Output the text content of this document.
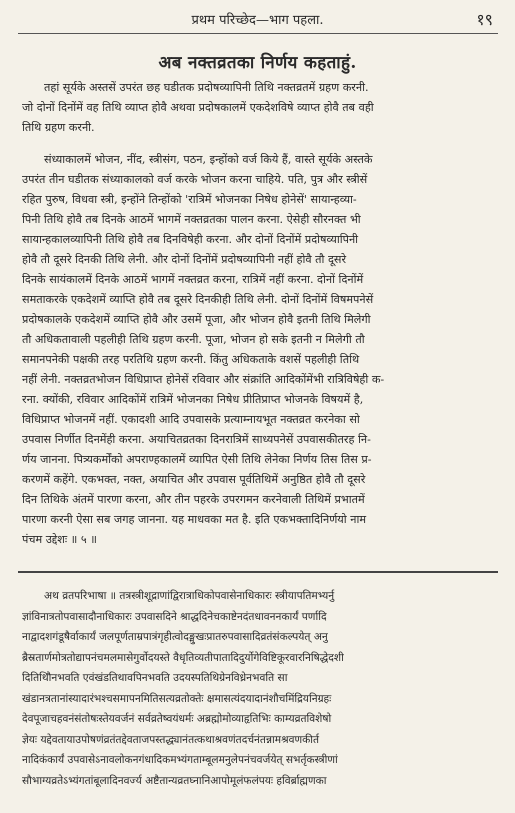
प्रथम परिच्छेद—भाग पहला.	१९
अब नक्तव्रतका निर्णय कहताहुं.
तहां सूर्यके अस्तसें उपरंत छह घडीतक प्रदोषव्यापिनी तिथि नक्तव्रतमें ग्रहण करनी.
जो दोनों दिनोंमें वह तिथि व्याप्त होवै अथवा प्रदोषकालमें एकदेशविषे व्याप्त होवै तब वही
तिथि ग्रहण करनी.
संध्याकालमें भोजन, नींद, स्त्रीसंग, पठन, इन्होंको वर्ज किये हैं, वास्ते सूर्यके अस्तके
उपरंत तीन घडीतक संध्याकालको वर्ज करके भोजन करना चाहिये. पति, पुत्र और स्त्रीसें
रहित पुरुष, विधवा स्त्री, इन्होंने तिन्होंको 'रात्रिमें भोजनका निषेध होनेसें' सायान्हव्या-
पिनी तिथि होवै तब दिनके आठमें भागमें नक्तव्रतका पालन करना. ऐसेही सौरनक्त भी
सायान्हकालव्यापिनी तिथि होवै तब दिनविषेही करना. और दोनों दिनोंमें प्रदोषव्यापिनी
होवै तौ दूसरे दिनकी तिथि लेनी. और दोनों दिनोंमें प्रदोषव्यापिनी नहीं होवै तौ दूसरे
दिनके सायंकालमें दिनके आठमें भागमें नक्तव्रत करना, रात्रिमें नहीं करना. दोनों दिनोंमें
समताकरके एकदेशमें व्याप्ति होवै तब दूसरे दिनकीही तिथि लेनी. दोनों दिनोंमें विषमपनेसें
प्रदोषकालके एकदेशमें व्याप्ति होवै और उसमें पूजा, और भोजन होवै इतनी तिथि मिलेगी
तौ अधिकतावाली पहलीही तिथि ग्रहण करनी. पूजा, भोजन हो सके इतनी न मिलेगी तौ
समानपनेकी पक्षकी तरह परतिथि ग्रहण करनी. किंतु अधिकताके वशसें पहलीही तिथि
नहीं लेनी. नक्तव्रतभोजन विधिप्राप्त होनेसें रविवार और संक्रांति आदिकोंमेंभी रात्रिविषेही क-
रना. क्योंकी, रविवार आदिकोंमें रात्रिमें भोजनका निषेध प्रीतिप्राप्त भोजनके विषयमें है,
विधिप्राप्त भोजनमें नहीं. एकादशी आदि उपवासके प्रत्याम्नायभूत नक्तव्रत करनेका सो
उपवास निर्णीत दिनमेंही करना. अयाचितव्रतका दिनरात्रिमें साध्यपनेसें उपवासकीतरह नि-
र्णय जानना. पित्र्यकर्मोंको अपराण्हकालमें व्यापित ऐसी तिथि लेनेका निर्णय तिस तिस प्र-
करणमें कहेंगे. एकभक्त, नक्त, अयाचित और उपवास पूर्वतिथिमें अनुष्ठित होवै तौ दूसरे
दिन तिथिके अंतमें पारणा करना, और तीन पहरके उपरगमन करनेवाली तिथिमें प्रभातमें
पारणा करनी ऐसा सब जगह जानना. यह माधवका मत है. इति एकभक्तादिनिर्णयो नाम
पंचम उद्देशः ॥ ५ ॥
अथ व्रतपरिभाषा ॥ तत्रस्त्रीशूद्राणांद्विरात्राधिकोपवासेनाधिकारः स्त्रीयापतिमभ्यर्नु
ज्ञांविनात्रतोपवासादौनाधिकारः उपवासदिने श्राद्धदिनेचकाष्टेनदंतधावननकार्यं पर्णादि
नाद्वादशगंडूषैर्वाकार्यं जलपूर्णताम्रपात्रंगृहीत्वोदङ्मुखःप्रातरुपवासादिव्रतंसंकल्पयेत् अनु
ब्रैस्रतार्णमोत्रतोद्यापनंचमलमासेगुर्वोदयस्ते वैधृतिव्यतीपातादिदुर्योगेविष्टिकूरवारनिषिद्धेदशी
दितिथिौनभवति एवंखंडतिथावपिनभवति उदयस्पतिथिग्रेनविध्रेनभवति सा
खंडानत्रतानांस्यादारंभश्चसमापनमितिसत्यव्रतोक्तेः क्षमासत्यंदयादानंशौचमिंद्रियनिग्रहः
देवपूजाचहवनंसंतोषःस्तेयवर्जनं सर्वव्रतेष्वयंधर्मः अब्रह्मोमोव्याहृतिभिः काम्यव्रतविशेषो
ज्ञेयः यद्देवतायाउपोषणंव्रतंतद्देवताजपस्तद्ध्यानंतत्कथाश्रवणंतदर्चनंतन्नामश्रवणकीर्त
नादिकंकार्यं उपवासेऽनावलोकनगंधादिकमभ्यंगताम्बूलमनुलेपनंचवर्जयेत् सभर्तृकस्त्रीणां
सौभाग्यव्रतेऽभ्यंगतांबूलादिनवर्ज्य अष्टैतान्यव्रतघ्नानिआपोमूलंफलंपयः हविर्ब्राह्मणका
